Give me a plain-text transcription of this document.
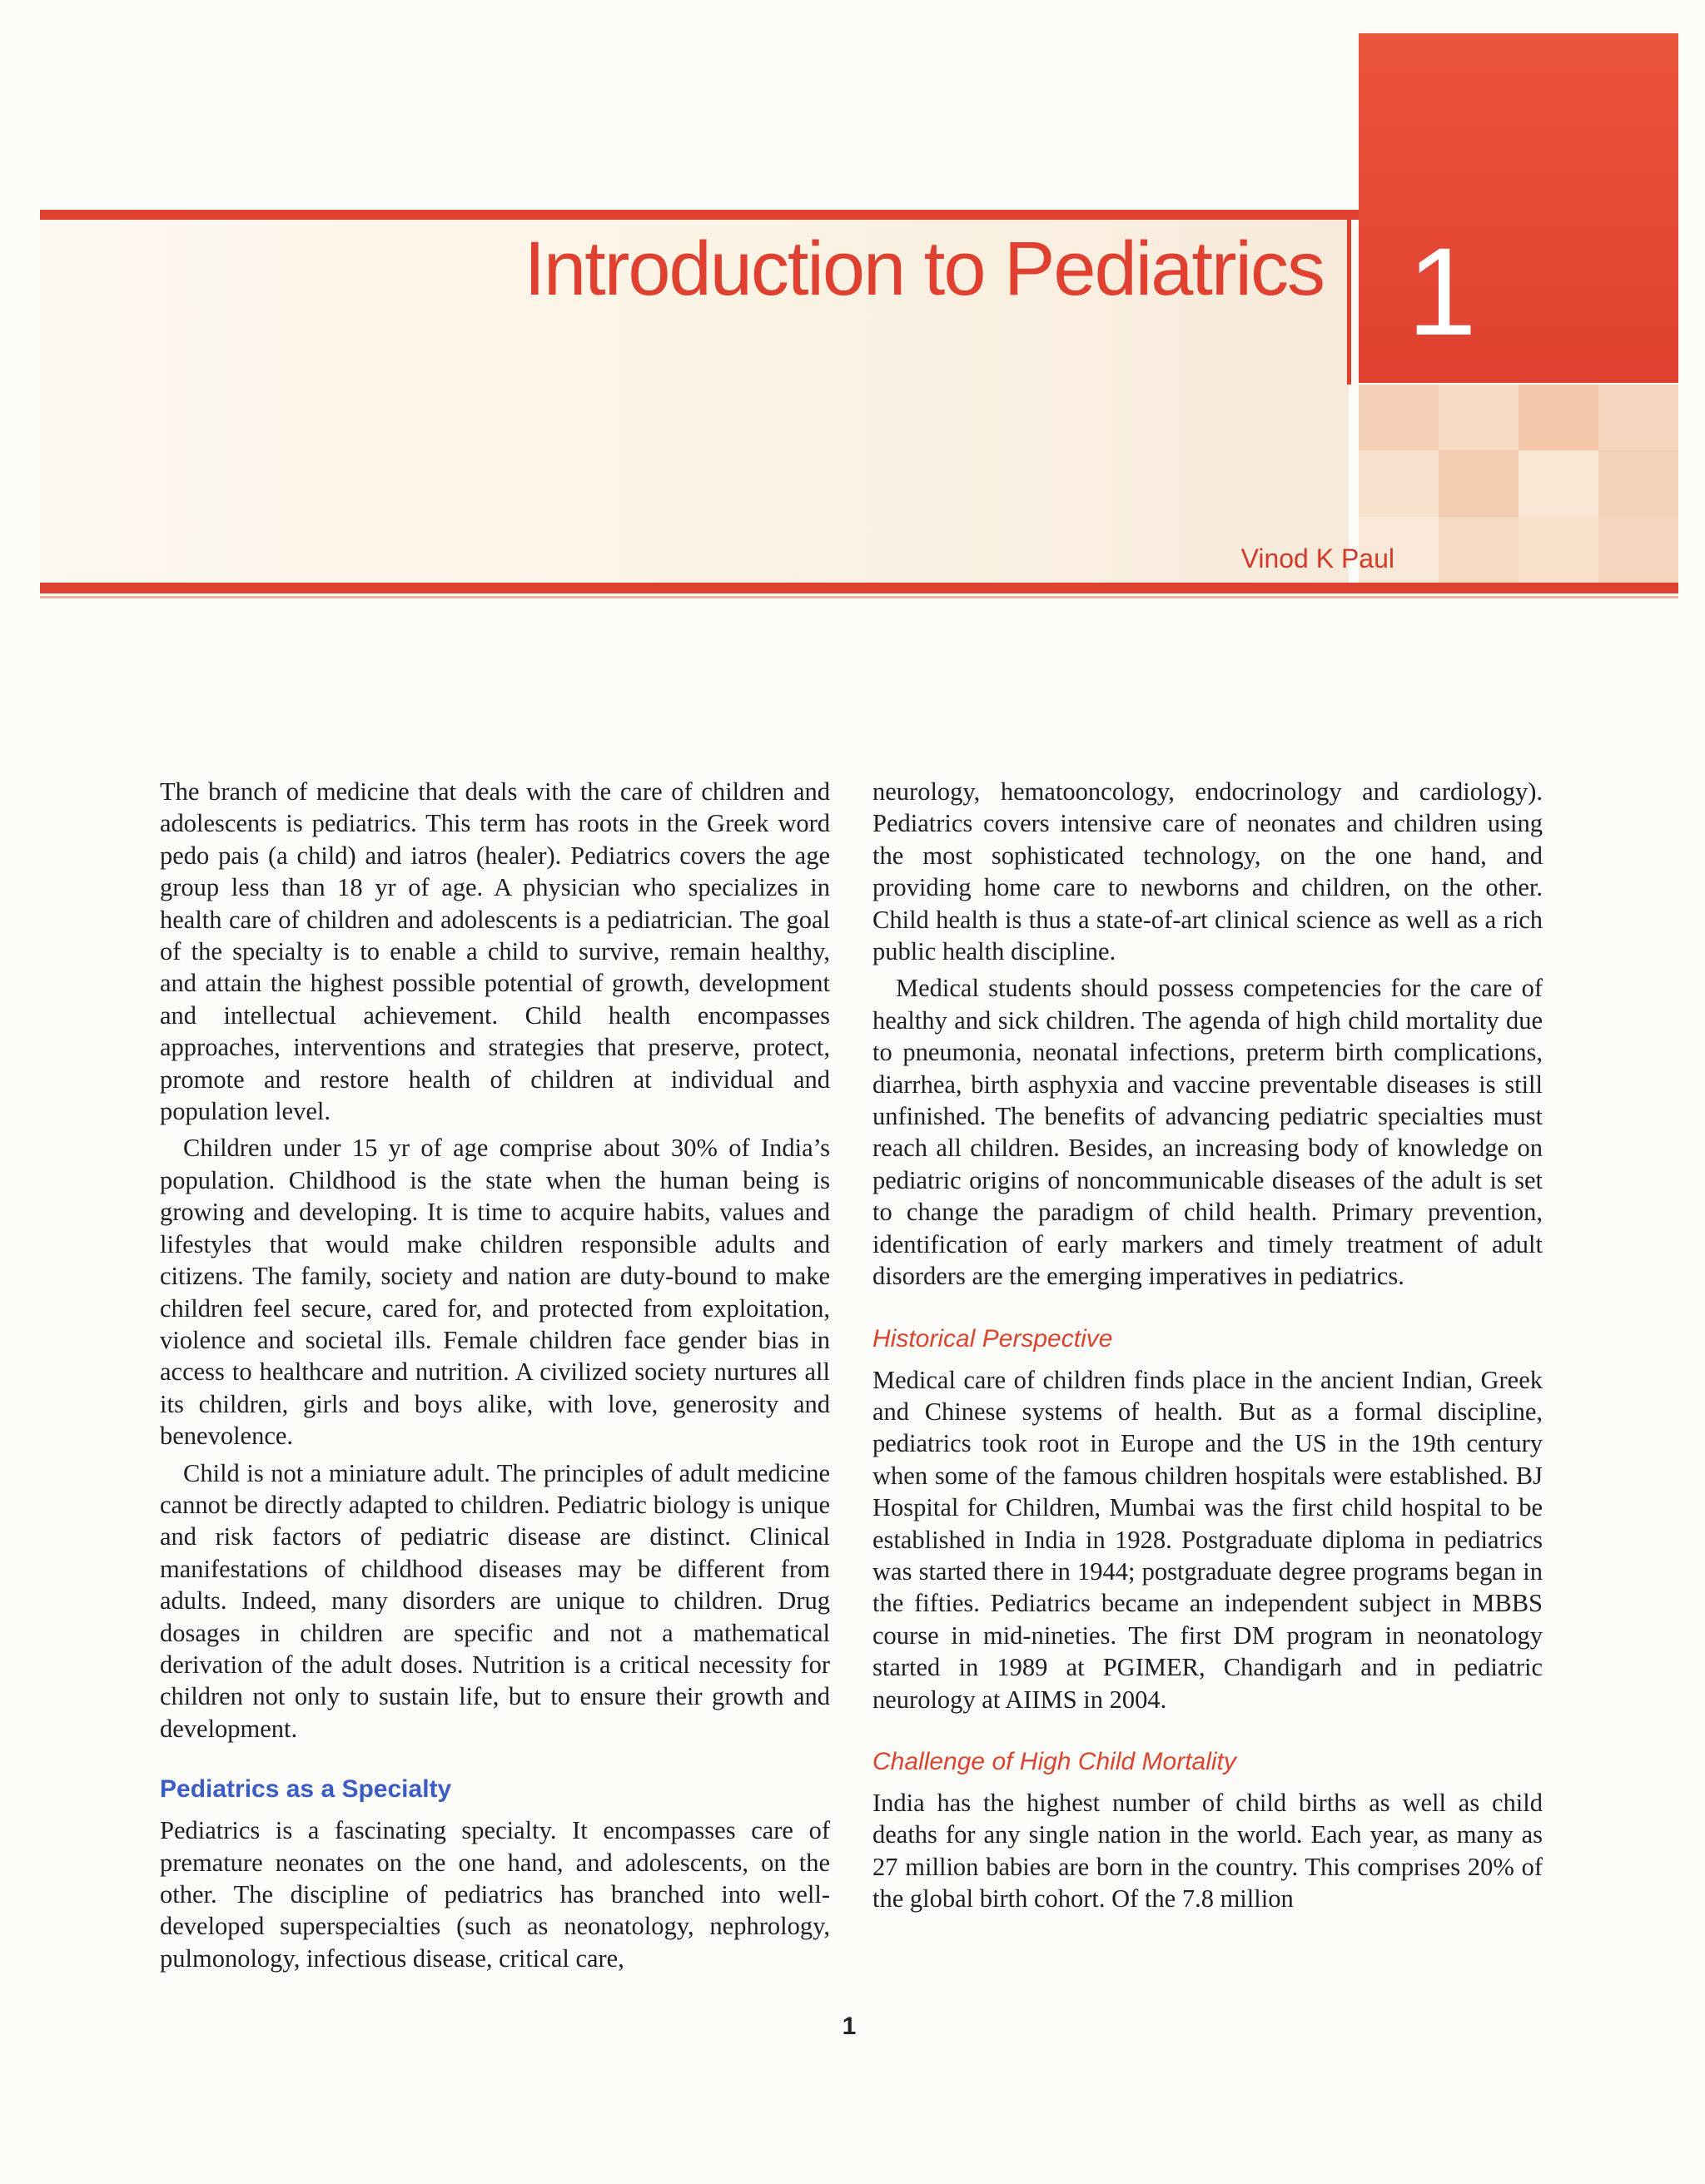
1
Introduction to Pediatrics
Vinod K Paul

The branch of medicine that deals with the care of children and adolescents is pediatrics. This term has roots in the Greek word pedo pais (a child) and iatros (healer). Pediatrics covers the age group less than 18 yr of age. A physician who specializes in health care of children and adolescents is a pediatrician. The goal of the specialty is to enable a child to survive, remain healthy, and attain the highest possible potential of growth, development and intellectual achievement. Child health encompasses approaches, interventions and strategies that preserve, protect, promote and restore health of children at individual and population level.

Children under 15 yr of age comprise about 30% of India’s population. Childhood is the state when the human being is growing and developing. It is time to acquire habits, values and lifestyles that would make children responsible adults and citizens. The family, society and nation are duty-bound to make children feel secure, cared for, and protected from exploitation, violence and societal ills. Female children face gender bias in access to healthcare and nutrition. A civilized society nurtures all its children, girls and boys alike, with love, generosity and benevolence.

Child is not a miniature adult. The principles of adult medicine cannot be directly adapted to children. Pediatric biology is unique and risk factors of pediatric disease are distinct. Clinical manifestations of childhood diseases may be different from adults. Indeed, many disorders are unique to children. Drug dosages in children are specific and not a mathematical derivation of the adult doses. Nutrition is a critical necessity for children not only to sustain life, but to ensure their growth and development.

Pediatrics as a Specialty

Pediatrics is a fascinating specialty. It encompasses care of premature neonates on the one hand, and adolescents, on the other. The discipline of pediatrics has branched into well-developed superspecialties (such as neonatology, nephrology, pulmonology, infectious disease, critical care,

neurology, hematooncology, endocrinology and cardiology). Pediatrics covers intensive care of neonates and children using the most sophisticated technology, on the one hand, and providing home care to newborns and children, on the other. Child health is thus a state-of-art clinical science as well as a rich public health discipline.

Medical students should possess competencies for the care of healthy and sick children. The agenda of high child mortality due to pneumonia, neonatal infections, preterm birth complications, diarrhea, birth asphyxia and vaccine preventable diseases is still unfinished. The benefits of advancing pediatric specialties must reach all children. Besides, an increasing body of knowledge on pediatric origins of noncommunicable diseases of the adult is set to change the paradigm of child health. Primary prevention, identification of early markers and timely treatment of adult disorders are the emerging imperatives in pediatrics.

Historical Perspective

Medical care of children finds place in the ancient Indian, Greek and Chinese systems of health. But as a formal discipline, pediatrics took root in Europe and the US in the 19th century when some of the famous children hospitals were established. BJ Hospital for Children, Mumbai was the first child hospital to be established in India in 1928. Postgraduate diploma in pediatrics was started there in 1944; postgraduate degree programs began in the fifties. Pediatrics became an independent subject in MBBS course in mid-nineties. The first DM program in neonatology started in 1989 at PGIMER, Chandigarh and in pediatric neurology at AIIMS in 2004.

Challenge of High Child Mortality

India has the highest number of child births as well as child deaths for any single nation in the world. Each year, as many as 27 million babies are born in the country. This comprises 20% of the global birth cohort. Of the 7.8 million

1
